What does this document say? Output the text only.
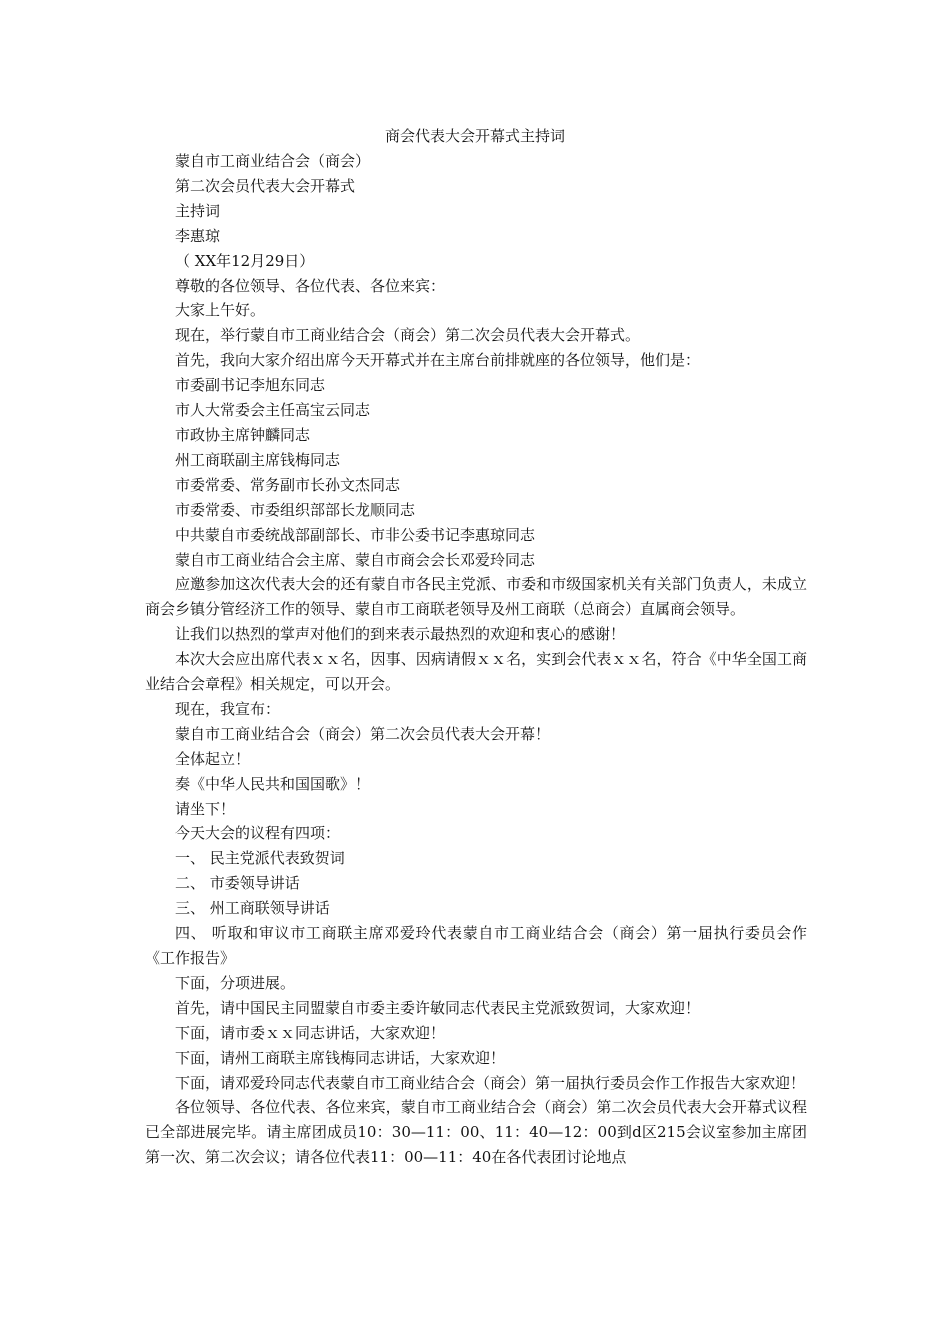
商会代表大会开幕式主持词

蒙自市工商业结合会（商会）

第二次会员代表大会开幕式

主持词

李惠琼

（ XX年12月29日）

尊敬的各位领导、各位代表、各位来宾：

大家上午好。

现在，举行蒙自市工商业结合会（商会）第二次会员代表大会开幕式。

首先，我向大家介绍出席今天开幕式并在主席台前排就座的各位领导，他们是：

市委副书记李旭东同志

市人大常委会主任高宝云同志

市政协主席钟麟同志

州工商联副主席钱梅同志

市委常委、常务副市长孙文杰同志

市委常委、市委组织部部长龙顺同志

中共蒙自市委统战部副部长、市非公委书记李惠琼同志

蒙自市工商业结合会主席、蒙自市商会会长邓爱玲同志

应邀参加这次代表大会的还有蒙自市各民主党派、市委和市级国家机关有关部门负责人，未成立商会乡镇分管经济工作的领导、蒙自市工商联老领导及州工商联（总商会）直属商会领导。

让我们以热烈的掌声对他们的到来表示最热烈的欢迎和衷心的感谢！

本次大会应出席代表ｘｘ名，因事、因病请假ｘｘ名，实到会代表ｘｘ名，符合《中华全国工商业结合会章程》相关规定，可以开会。

现在，我宣布：

蒙自市工商业结合会（商会）第二次会员代表大会开幕！

全体起立！

奏《中华人民共和国国歌》！

请坐下！

今天大会的议程有四项：

一、 民主党派代表致贺词

二、 市委领导讲话

三、 州工商联领导讲话

四、 听取和审议市工商联主席邓爱玲代表蒙自市工商业结合会（商会）第一届执行委员会作《工作报告》

下面，分项进展。

首先，请中国民主同盟蒙自市委主委许敏同志代表民主党派致贺词，大家欢迎！

下面，请市委ｘｘ同志讲话，大家欢迎！

下面，请州工商联主席钱梅同志讲话，大家欢迎！

下面，请邓爱玲同志代表蒙自市工商业结合会（商会）第一届执行委员会作工作报告大家欢迎！

各位领导、各位代表、各位来宾，蒙自市工商业结合会（商会）第二次会员代表大会开幕式议程已全部进展完毕。请主席团成员10：30—11：00、11：40—12：00到d区215会议室参加主席团第一次、第二次会议；请各位代表11：00—11：40在各代表团讨论地点
